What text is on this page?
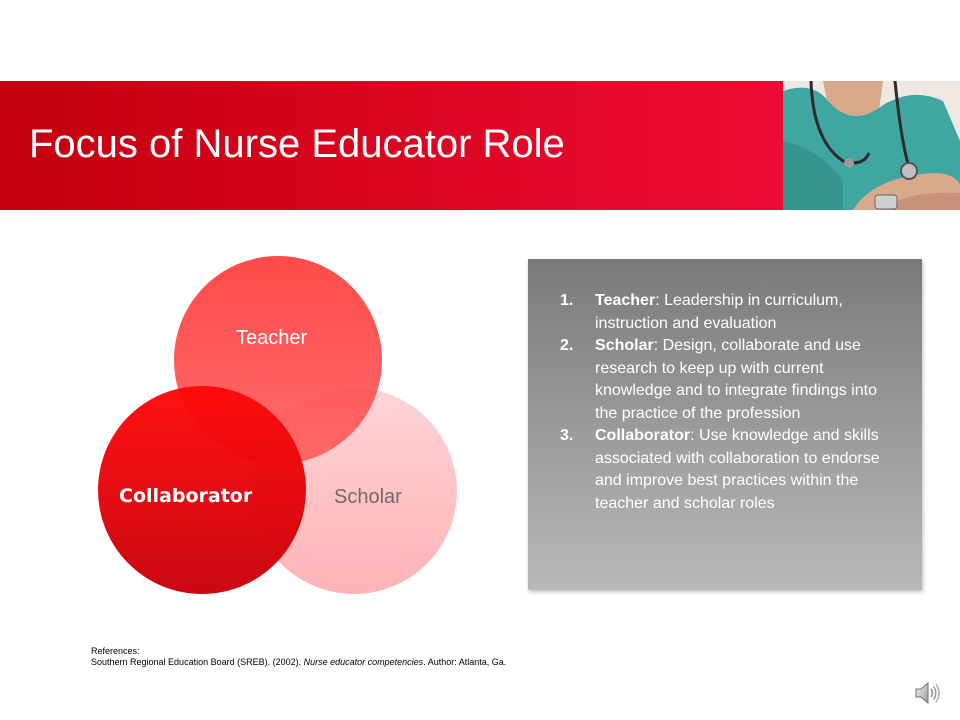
Focus of Nurse Educator Role
Teacher
Scholar
Collaborator
1. Teacher: Leadership in curriculum, instruction and evaluation
2. Scholar: Design, collaborate and use research to keep up with current knowledge and to integrate findings into the practice of the profession
3. Collaborator: Use knowledge and skills associated with collaboration to endorse and improve best practices within the teacher and scholar roles
References:
Southern Regional Education Board (SREB). (2002). Nurse educator competencies. Author: Atlanta, Ga.
